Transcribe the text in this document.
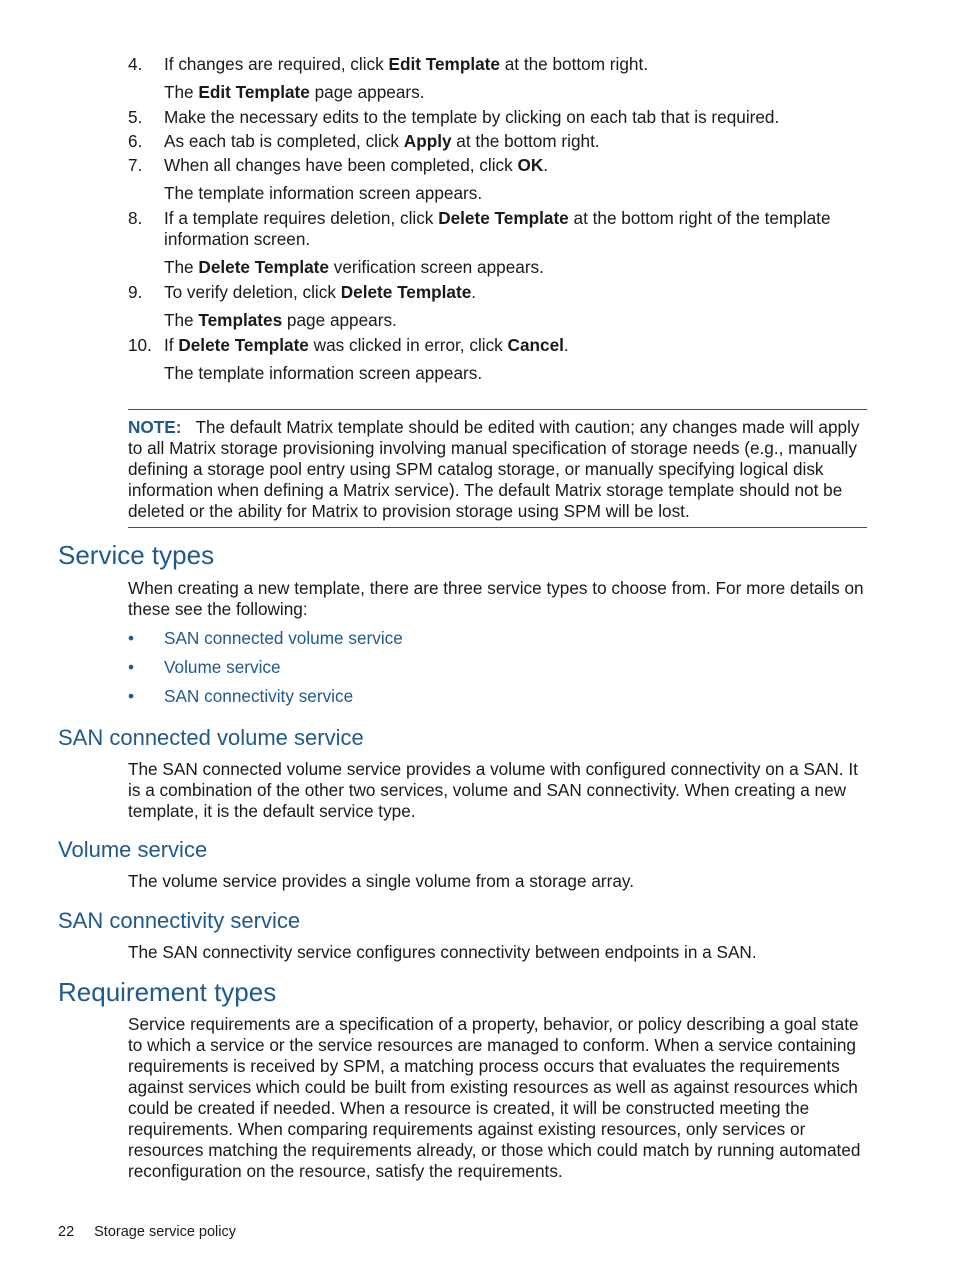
4. If changes are required, click Edit Template at the bottom right.
The Edit Template page appears.
5. Make the necessary edits to the template by clicking on each tab that is required.
6. As each tab is completed, click Apply at the bottom right.
7. When all changes have been completed, click OK.
The template information screen appears.
8. If a template requires deletion, click Delete Template at the bottom right of the template information screen.
The Delete Template verification screen appears.
9. To verify deletion, click Delete Template.
The Templates page appears.
10. If Delete Template was clicked in error, click Cancel.
The template information screen appears.
NOTE: The default Matrix template should be edited with caution; any changes made will apply to all Matrix storage provisioning involving manual specification of storage needs (e.g., manually defining a storage pool entry using SPM catalog storage, or manually specifying logical disk information when defining a Matrix service). The default Matrix storage template should not be deleted or the ability for Matrix to provision storage using SPM will be lost.
Service types

When creating a new template, there are three service types to choose from. For more details on these see the following:

• SAN connected volume service
• Volume service
• SAN connectivity service
SAN connected volume service

The SAN connected volume service provides a volume with configured connectivity on a SAN. It is a combination of the other two services, volume and SAN connectivity. When creating a new template, it is the default service type.

Volume service

The volume service provides a single volume from a storage array.

SAN connectivity service

The SAN connectivity service configures connectivity between endpoints in a SAN.

Requirement types

Service requirements are a specification of a property, behavior, or policy describing a goal state to which a service or the service resources are managed to conform. When a service containing requirements is received by SPM, a matching process occurs that evaluates the requirements against services which could be built from existing resources as well as against resources which could be created if needed. When a resource is created, it will be constructed meeting the requirements. When comparing requirements against existing resources, only services or resources matching the requirements already, or those which could match by running automated reconfiguration on the resource, satisfy the requirements.

22 Storage service policy
